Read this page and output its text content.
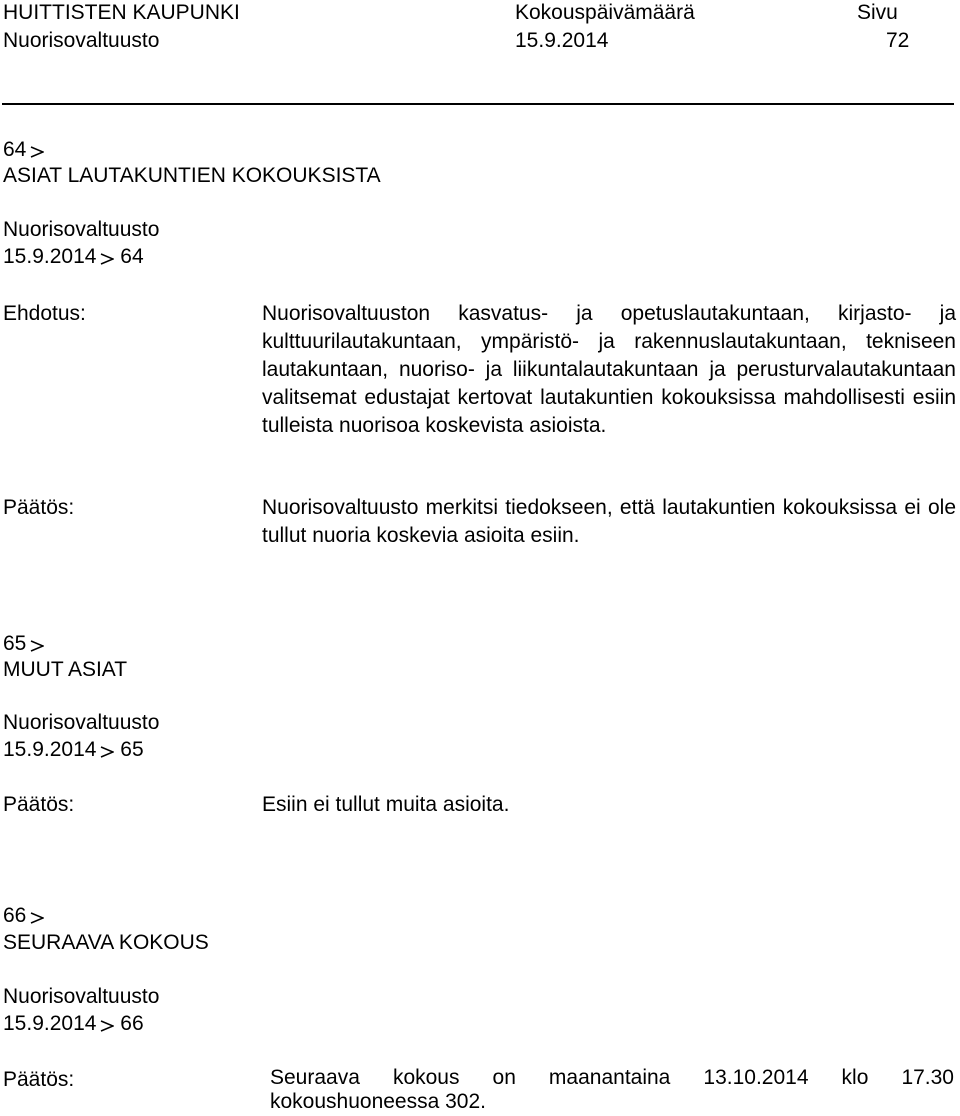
HUITTISTEN KAUPUNKI	Kokouspäivämäärä	Sivu
Nuorisovaltuusto	15.9.2014	72
64
ASIAT LAUTAKUNTIEN KOKOUKSISTA
Nuorisovaltuusto
15.9.2014 64
Ehdotus:	Nuorisovaltuuston kasvatus- ja opetuslautakuntaan, kirjasto- ja kulttuurilautakuntaan, ympäristö- ja rakennuslautakuntaan, tekniseen lautakuntaan, nuoriso- ja liikuntalautakuntaan ja perusturvalautakuntaan valitsemat edustajat kertovat lautakuntien kokouksissa mahdollisesti esiin tulleista nuorisoa koskevista asioista.
Päätös:	Nuorisovaltuusto merkitsi tiedokseen, että lautakuntien kokouksissa ei ole tullut nuoria koskevia asioita esiin.
65
MUUT ASIAT
Nuorisovaltuusto
15.9.2014 65
Päätös:	Esiin ei tullut muita asioita.
66
SEURAAVA KOKOUS
Nuorisovaltuusto
15.9.2014 66
Päätös:	Seuraava kokous on maanantaina 13.10.2014 klo 17.30 kokoushuoneessa 302.
